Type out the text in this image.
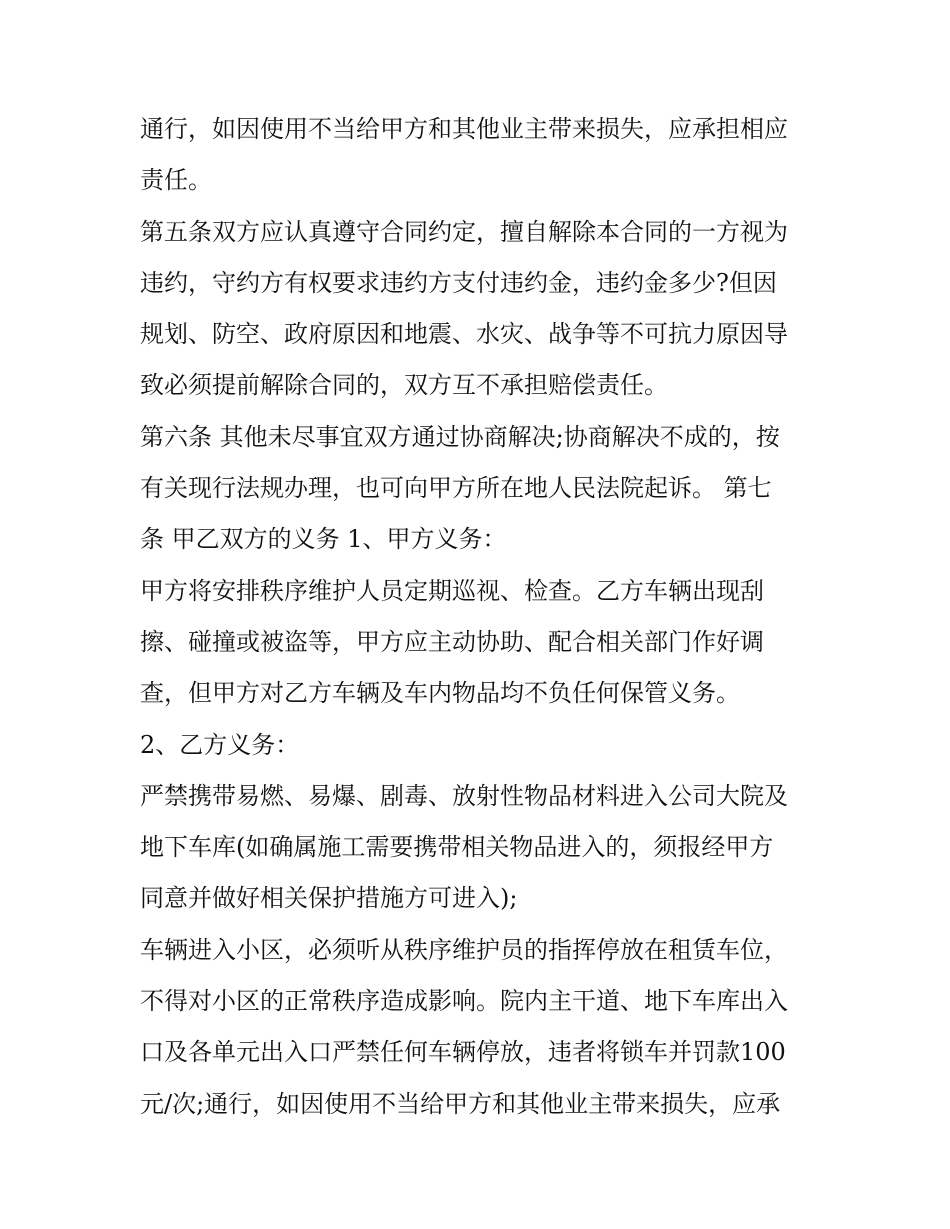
通行，如因使用不当给甲方和其他业主带来损失，应承担相应
责任。
第五条双方应认真遵守合同约定，擅自解除本合同的一方视为
违约，守约方有权要求违约方支付违约金，违约金多少?但因
规划、防空、政府原因和地震、水灾、战争等不可抗力原因导
致必须提前解除合同的，双方互不承担赔偿责任。
第六条 其他未尽事宜双方通过协商解决;协商解决不成的，按
有关现行法规办理，也可向甲方所在地人民法院起诉。 第七
条 甲乙双方的义务 1、甲方义务：
甲方将安排秩序维护人员定期巡视、检查。乙方车辆出现刮
擦、碰撞或被盗等，甲方应主动协助、配合相关部门作好调
查，但甲方对乙方车辆及车内物品均不负任何保管义务。
2、乙方义务：
严禁携带易燃、易爆、剧毒、放射性物品材料进入公司大院及
地下车库(如确属施工需要携带相关物品进入的，须报经甲方
同意并做好相关保护措施方可进入);
车辆进入小区，必须听从秩序维护员的指挥停放在租赁车位，
不得对小区的正常秩序造成影响。院内主干道、地下车库出入
口及各单元出入口严禁任何车辆停放，违者将锁车并罚款100
元/次;通行，如因使用不当给甲方和其他业主带来损失，应承
